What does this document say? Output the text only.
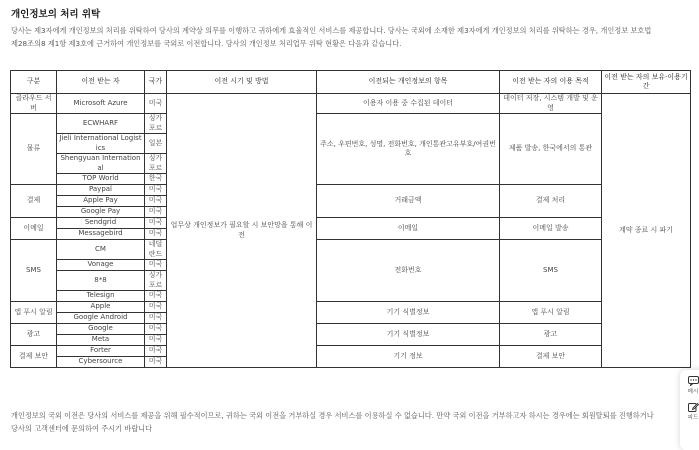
개인정보의 처리 위탁
당사는 제3자에게 개인정보의 처리를 위탁하여 당사의 계약상 의무를 이행하고 귀하에게 효율적인 서비스를 제공합니다. 당사는 국외에 소재한 제3자에게 개인정보의 처리를 위탁하는 경우, 개인정보 보호법
제28조의8 제1항 제3호에 근거하여 개인정보를 국외로 이전합니다. 당사의 개인정보 처리업무 위탁 현황은 다음과 같습니다.
구분	이전 받는 자	국가	이전 시기 및 방법	이전되는 개인정보의 항목	이전 받는 자의 이용 목적	이전 받는 자의 보유·이용기간
클라우드 서버	Microsoft Azure	미국	업무상 개인정보가 필요할 시 보안망을 통해 이전	이용자 이용 중 수집된 데이터	데이터 저장, 시스템 개발 및 운영	계약 종료 시 파기
물류	ECWHARF	싱가포르		주소, 우편번호, 성명, 전화번호, 개인통관고유부호/여권번호	제품 발송, 한국에서의 통관	
	Jieli International Logistics	일본				
	Shengyuan International	싱가포르				
	TOP World	한국				
결제	Paypal	미국		거래금액	결제 처리	
	Apple Pay	미국				
	Google Pay	미국				
이메일	Sendgrid	미국		이메일	이메일 발송	
	Messagebird	미국				
SMS	CM	네덜란드		전화번호	SMS	
	Vonage	미국				
	8*8	싱가포르				
	Telesign	미국				
앱 푸시 알림	Apple	미국		기기 식별정보	앱 푸시 알림	
	Google Android	미국				
광고	Google	미국		기기 식별정보	광고	
	Meta	미국				
결제 보안	Forter	미국		기기 정보	결제 보안	
	Cybersource	미국				
개인정보의 국외 이전은 당사의 서비스를 제공을 위해 필수적이므로, 귀하는 국외 이전을 거부하실 경우 서비스를 이용하실 수 없습니다. 만약 국외 이전을 거부하고자 하시는 경우에는 회원탈퇴를 진행하거나
당사의 고객센터에 문의하여 주시기 바랍니다
메시
피드
